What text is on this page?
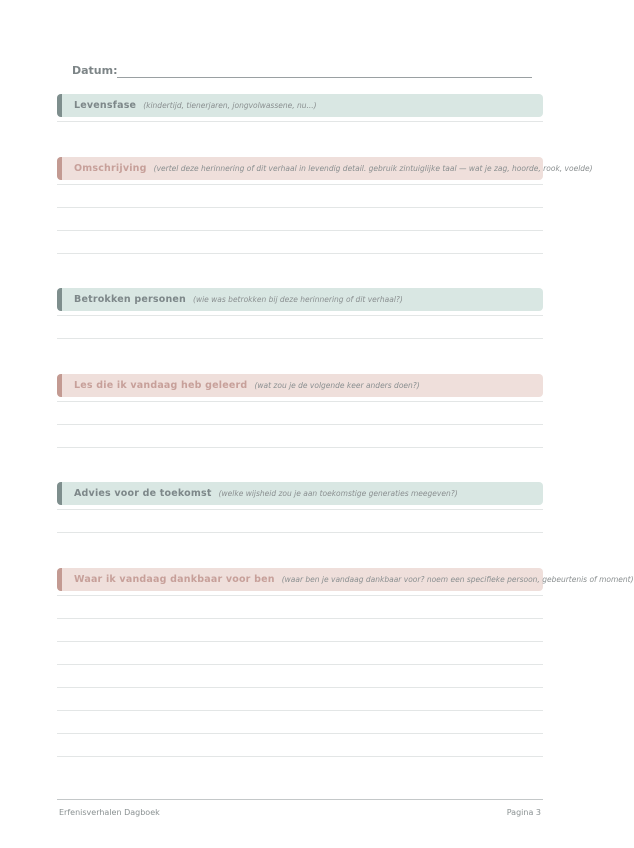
Datum:
Levensfase (kindertijd, tienerjaren, jongvolwassene, nu...)
Omschrijving (vertel deze herinnering of dit verhaal in levendig detail. gebruik zintuiglijke taal — wat je zag, hoorde, rook, voelde)
Betrokken personen (wie was betrokken bij deze herinnering of dit verhaal?)
Les die ik vandaag heb geleerd (wat zou je de volgende keer anders doen?)
Advies voor de toekomst (welke wijsheid zou je aan toekomstige generaties meegeven?)
Waar ik vandaag dankbaar voor ben (waar ben je vandaag dankbaar voor? noem een specifieke persoon, gebeurtenis of moment)
Erfenisverhalen Dagboek	Pagina 3
